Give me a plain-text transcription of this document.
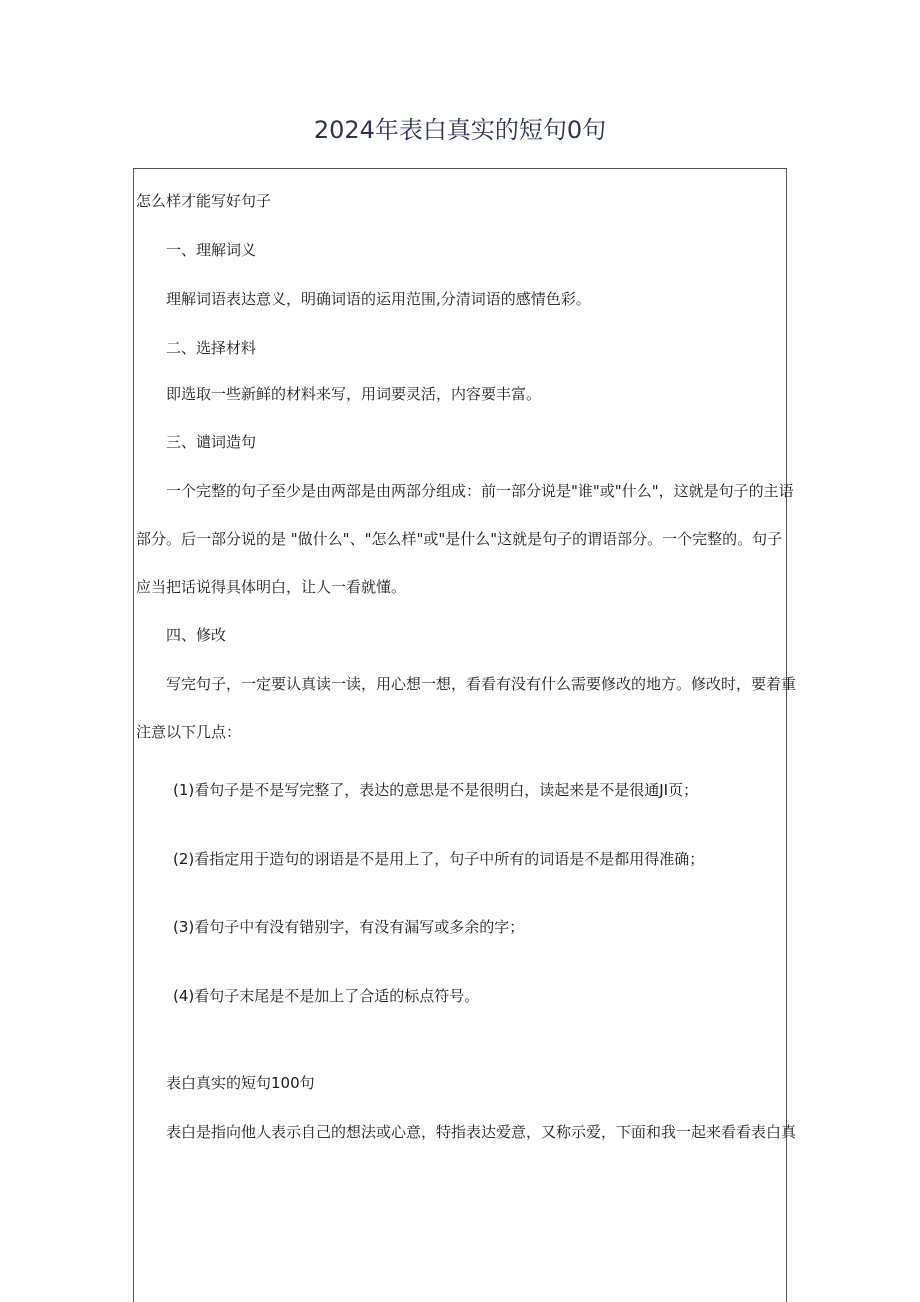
2024年表白真实的短句0句
怎么样才能写好句子
一、理解词义
理解词语表达意义，明确词语的运用范围,分清词语的感情色彩。
二、选择材料
即选取一些新鲜的材料来写，用词要灵活，内容要丰富。
三、谴词造句
一个完整的句子至少是由两部是由两部分组成：前一部分说是"谁"或"什么"，这就是句子的主语
部分。后一部分说的是 "做什么"、"怎么样"或"是什么"这就是句子的谓语部分。一个完整的。句子
应当把话说得具体明白，让人一看就懂。
四、修改
写完句子，一定要认真读一读，用心想一想，看看有没有什么需要修改的地方。修改时，要着重
注意以下几点：
(1)看句子是不是写完整了，表达的意思是不是很明白，读起来是不是很通JI页；
(2)看指定用于造句的诩语是不是用上了，句子中所有的词语是不是都用得准确；
(3)看句子中有没有错别字，有没有漏写或多余的字；
(4)看句子末尾是不是加上了合适的标点符号。
表白真实的短句100句
表白是指向他人表示自己的想法或心意，特指表达爱意，又称示爱，下面和我一起来看看表白真
